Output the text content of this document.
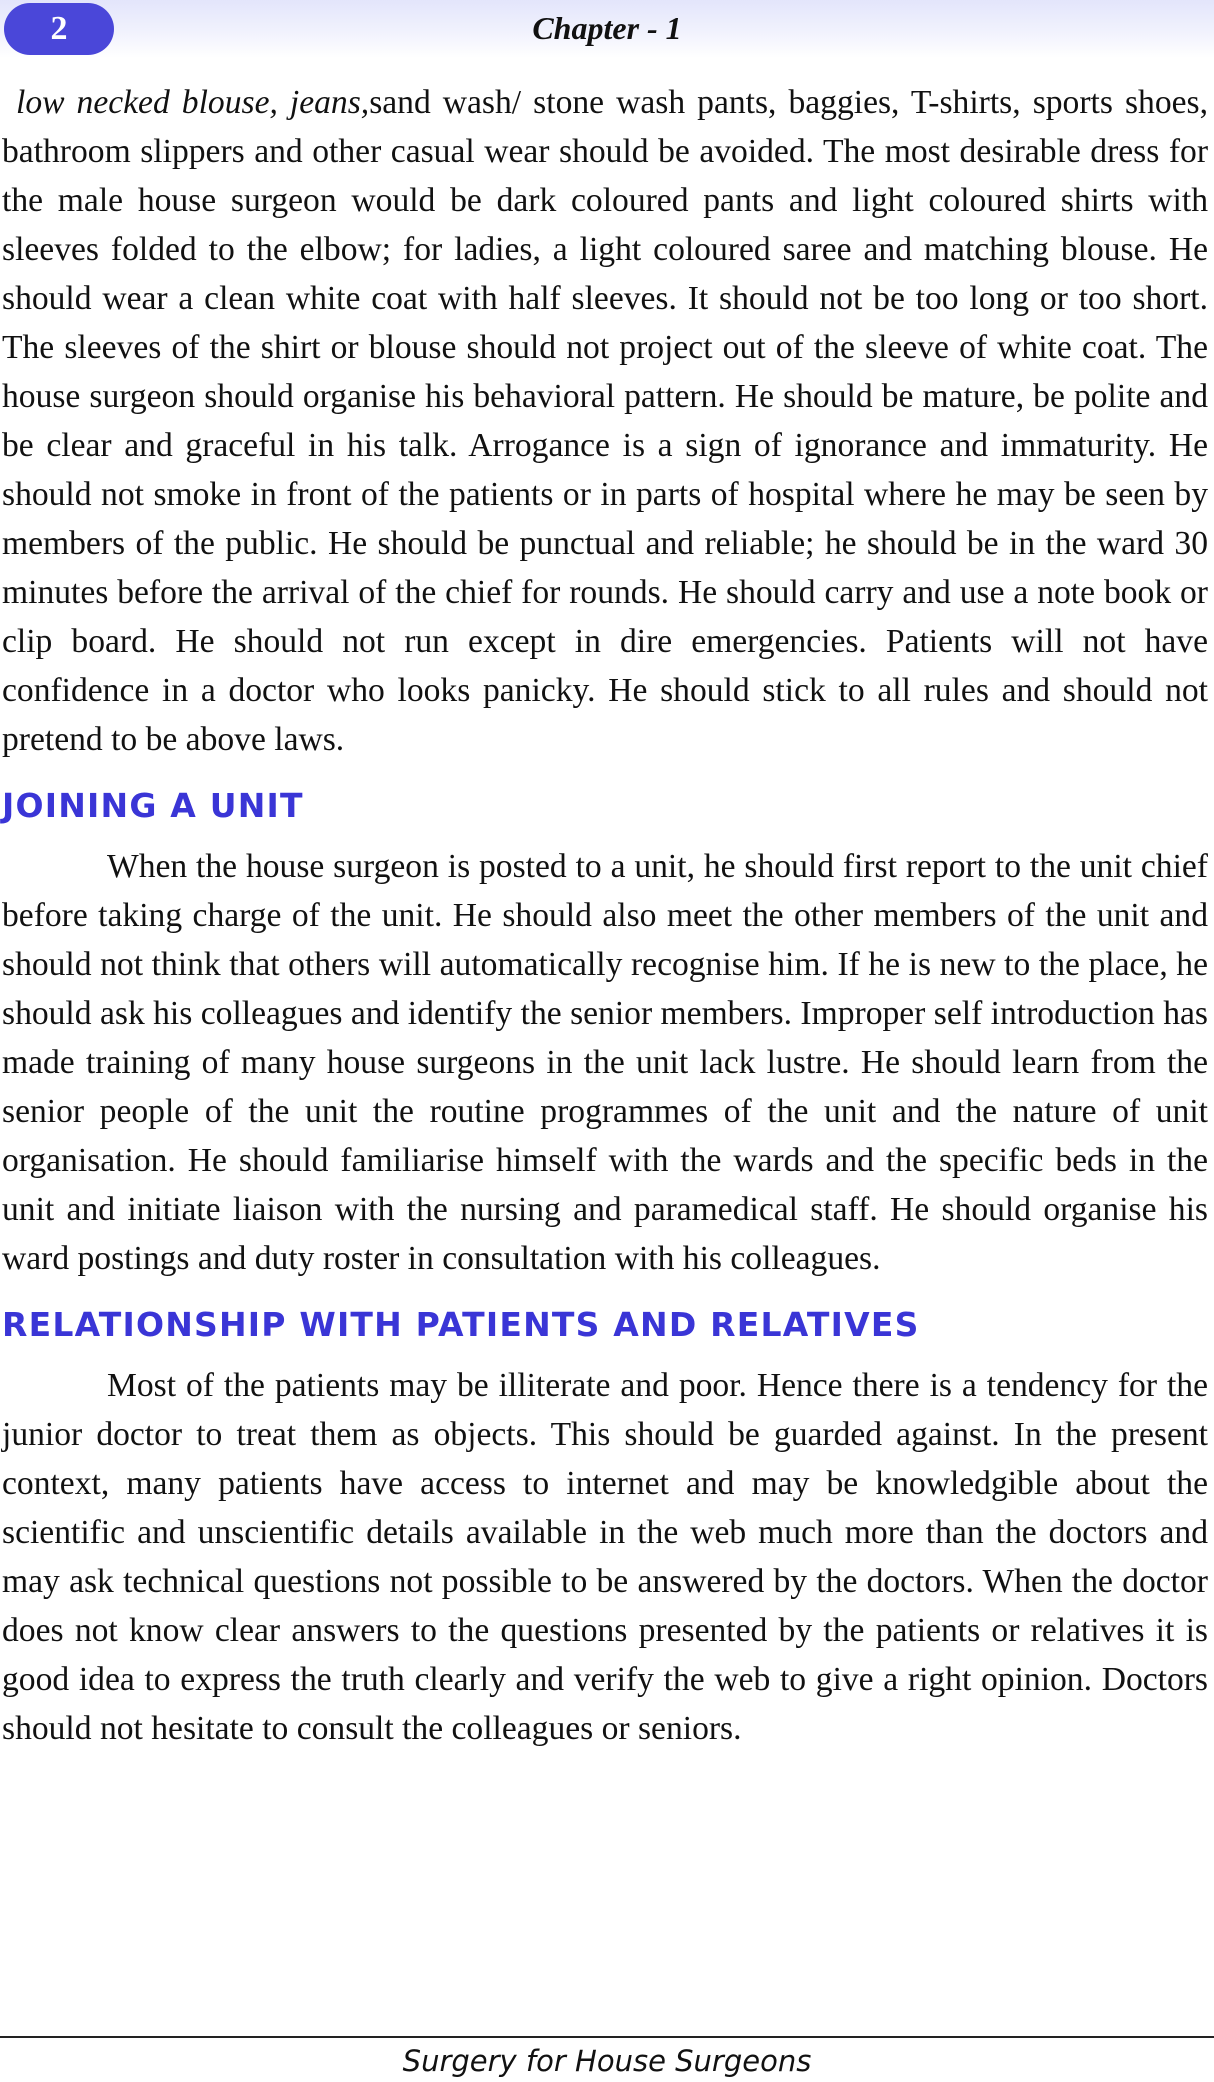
2	Chapter - 1

low necked blouse, jeans,sand wash/ stone wash pants, baggies, T-shirts, sports shoes, bathroom slippers and other casual wear should be avoided. The most desirable dress for the male house surgeon would be dark coloured pants and light coloured shirts with sleeves folded to the elbow; for ladies, a light coloured saree and matching blouse. He should wear a clean white coat with half sleeves. It should not be too long or too short. The sleeves of the shirt or blouse should not project out of the sleeve of white coat. The house surgeon should organise his behavioral pattern. He should be mature, be polite and be clear and graceful in his talk. Arrogance is a sign of ignorance and immaturity. He should not smoke in front of the patients or in parts of hospital where he may be seen by members of the public. He should be punctual and reliable; he should be in the ward 30 minutes before the arrival of the chief for rounds. He should carry and use a note book or clip board. He should not run except in dire emergencies. Patients will not have confidence in a doctor who looks panicky. He should stick to all rules and should not pretend to be above laws.

JOINING A UNIT

When the house surgeon is posted to a unit, he should first report to the unit chief before taking charge of the unit. He should also meet the other members of the unit and should not think that others will automatically recognise him. If he is new to the place, he should ask his colleagues and identify the senior members. Improper self introduction has made training of many house surgeons in the unit lack lustre. He should learn from the senior people of the unit the routine programmes of the unit and the nature of unit organisation. He should familiarise himself with the wards and the specific beds in the unit and initiate liaison with the nursing and paramedical staff. He should organise his ward postings and duty roster in consultation with his colleagues.

RELATIONSHIP WITH PATIENTS AND RELATIVES

Most of the patients may be illiterate and poor. Hence there is a tendency for the junior doctor to treat them as objects. This should be guarded against. In the present context, many patients have access to internet and may be knowledgible about the scientific and unscientific details available in the web much more than the doctors and may ask technical questions not possible to be answered by the doctors. When the doctor does not know clear answers to the questions presented by the patients or relatives it is good idea to express the truth clearly and verify the web to give a right opinion. Doctors should not hesitate to consult the colleagues or seniors.

Surgery for House Surgeons
